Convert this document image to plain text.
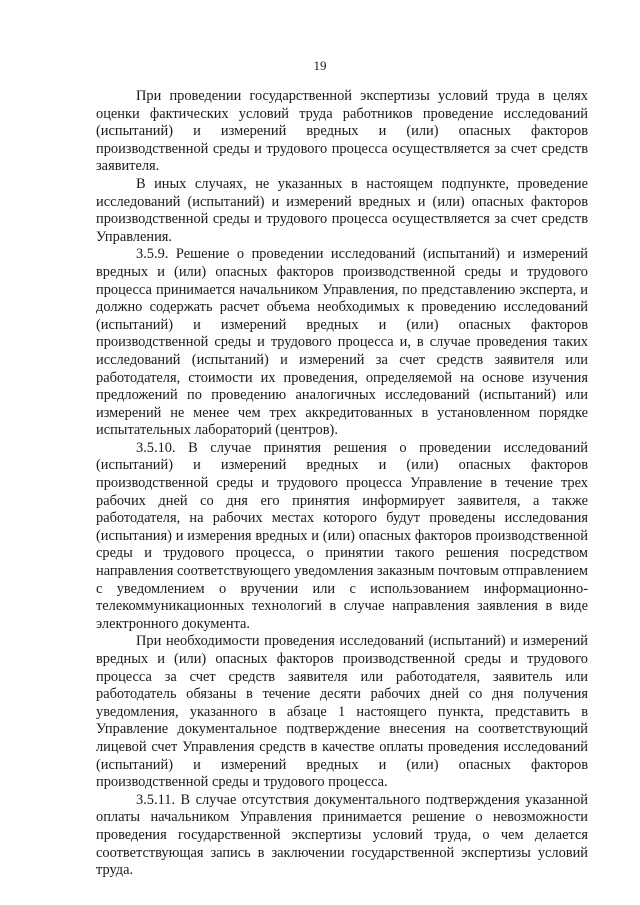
19

При проведении государственной экспертизы условий труда в целях оценки фактических условий труда работников проведение исследований (испытаний) и измерений вредных и (или) опасных факторов производственной среды и трудового процесса осуществляется за счет средств заявителя.

В иных случаях, не указанных в настоящем подпункте, проведение исследований (испытаний) и измерений вредных и (или) опасных факторов производственной среды и трудового процесса осуществляется за счет средств Управления.

3.5.9. Решение о проведении исследований (испытаний) и измерений вредных и (или) опасных факторов производственной среды и трудового процесса принимается начальником Управления, по представлению эксперта, и должно содержать расчет объема необходимых к проведению исследований (испытаний) и измерений вредных и (или) опасных факторов производственной среды и трудового процесса и, в случае проведения таких исследований (испытаний) и измерений за счет средств заявителя или работодателя, стоимости их проведения, определяемой на основе изучения предложений по проведению аналогичных исследований (испытаний) или измерений не менее чем трех аккредитованных в установленном порядке испытательных лабораторий (центров).

3.5.10. В случае принятия решения о проведении исследований (испытаний) и измерений вредных и (или) опасных факторов производственной среды и трудового процесса Управление в течение трех рабочих дней со дня его принятия информирует заявителя, а также работодателя, на рабочих местах которого будут проведены исследования (испытания) и измерения вредных и (или) опасных факторов производственной среды и трудового процесса, о принятии такого решения посредством направления соответствующего уведомления заказным почтовым отправлением с уведомлением о вручении или с использованием информационно-телекоммуникационных технологий в случае направления заявления в виде электронного документа.

При необходимости проведения исследований (испытаний) и измерений вредных и (или) опасных факторов производственной среды и трудового процесса за счет средств заявителя или работодателя, заявитель или работодатель обязаны в течение десяти рабочих дней со дня получения уведомления, указанного в абзаце 1 настоящего пункта, представить в Управление документальное подтверждение внесения на соответствующий лицевой счет Управления средств в качестве оплаты проведения исследований (испытаний) и измерений вредных и (или) опасных факторов производственной среды и трудового процесса.

3.5.11. В случае отсутствия документального подтверждения указанной оплаты начальником Управления принимается решение о невозможности проведения государственной экспертизы условий труда, о чем делается соответствующая запись в заключении государственной экспертизы условий труда.
